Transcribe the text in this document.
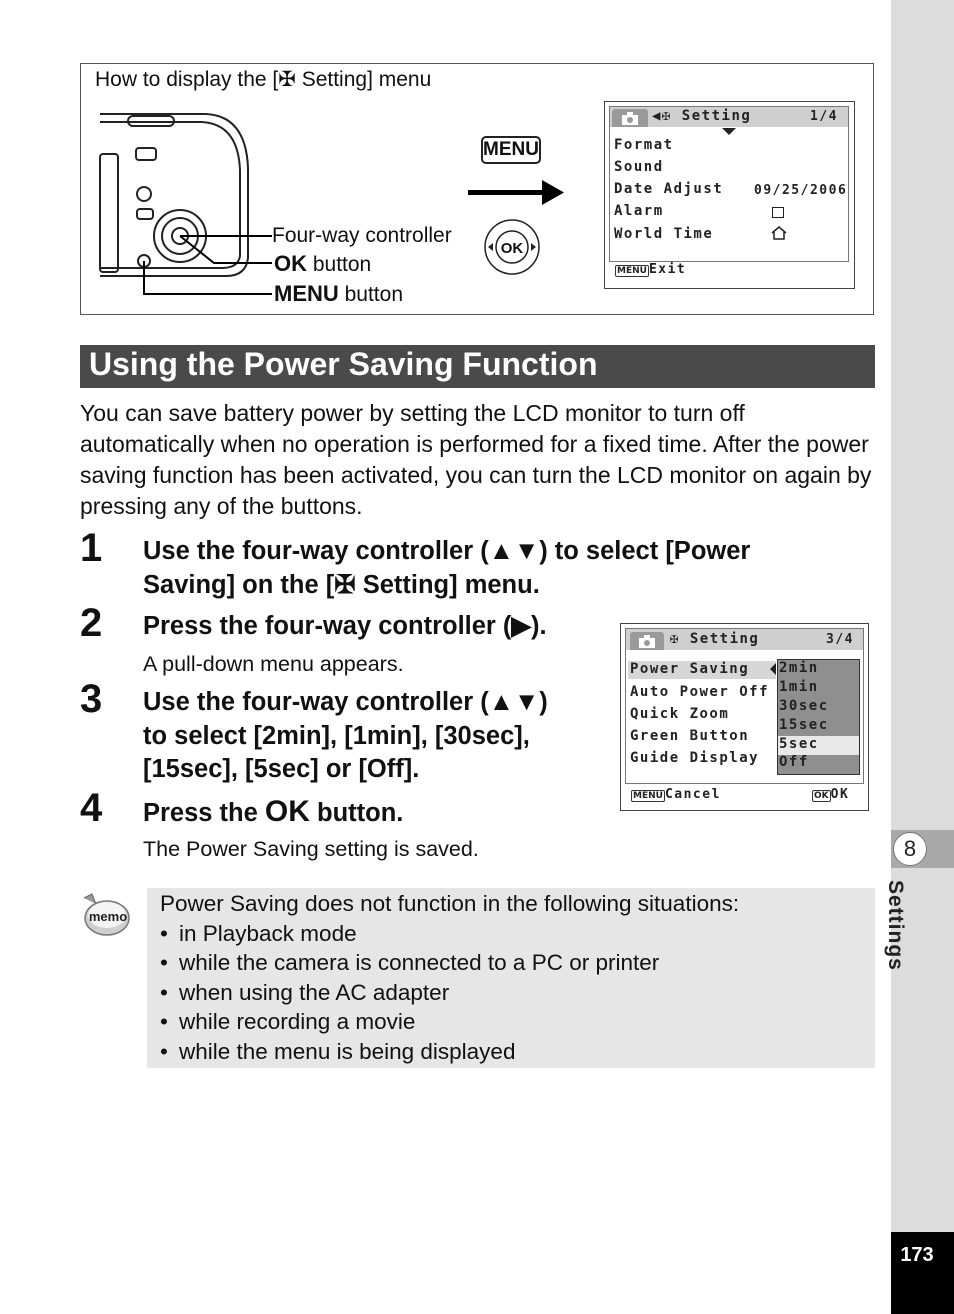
8
Settings
173
How to display the [✠ Setting] menu
Four-way controller
OK button
MENU button
MENU
OK
◀✠ Setting	1/4
Format
Sound
Date Adjust
Alarm
World Time
09/25/2006
MENU Exit
Using the Power Saving Function
You can save battery power by setting the LCD monitor to turn off automatically when no operation is performed for a fixed time. After the power saving function has been activated, you can turn the LCD monitor on again by pressing any of the buttons.
1 Use the four-way controller (▲▼) to select [Power
Saving] on the [✠ Setting] menu.
2 Press the four-way controller (▶).
A pull-down menu appears.
3 Use the four-way controller (▲▼)
to select [2min], [1min], [30sec],
[15sec], [5sec] or [Off].
4 Press the OK button.
The Power Saving setting is saved.
✠ Setting	3/4
Power Saving
Auto Power Off
Quick Zoom
Green Button
Guide Display
2min
1min
30sec
15sec
5sec
Off
MENU Cancel	OK OK
memo
Power Saving does not function in the following situations:
• in Playback mode
• while the camera is connected to a PC or printer
• when using the AC adapter
• while recording a movie
• while the menu is being displayed
